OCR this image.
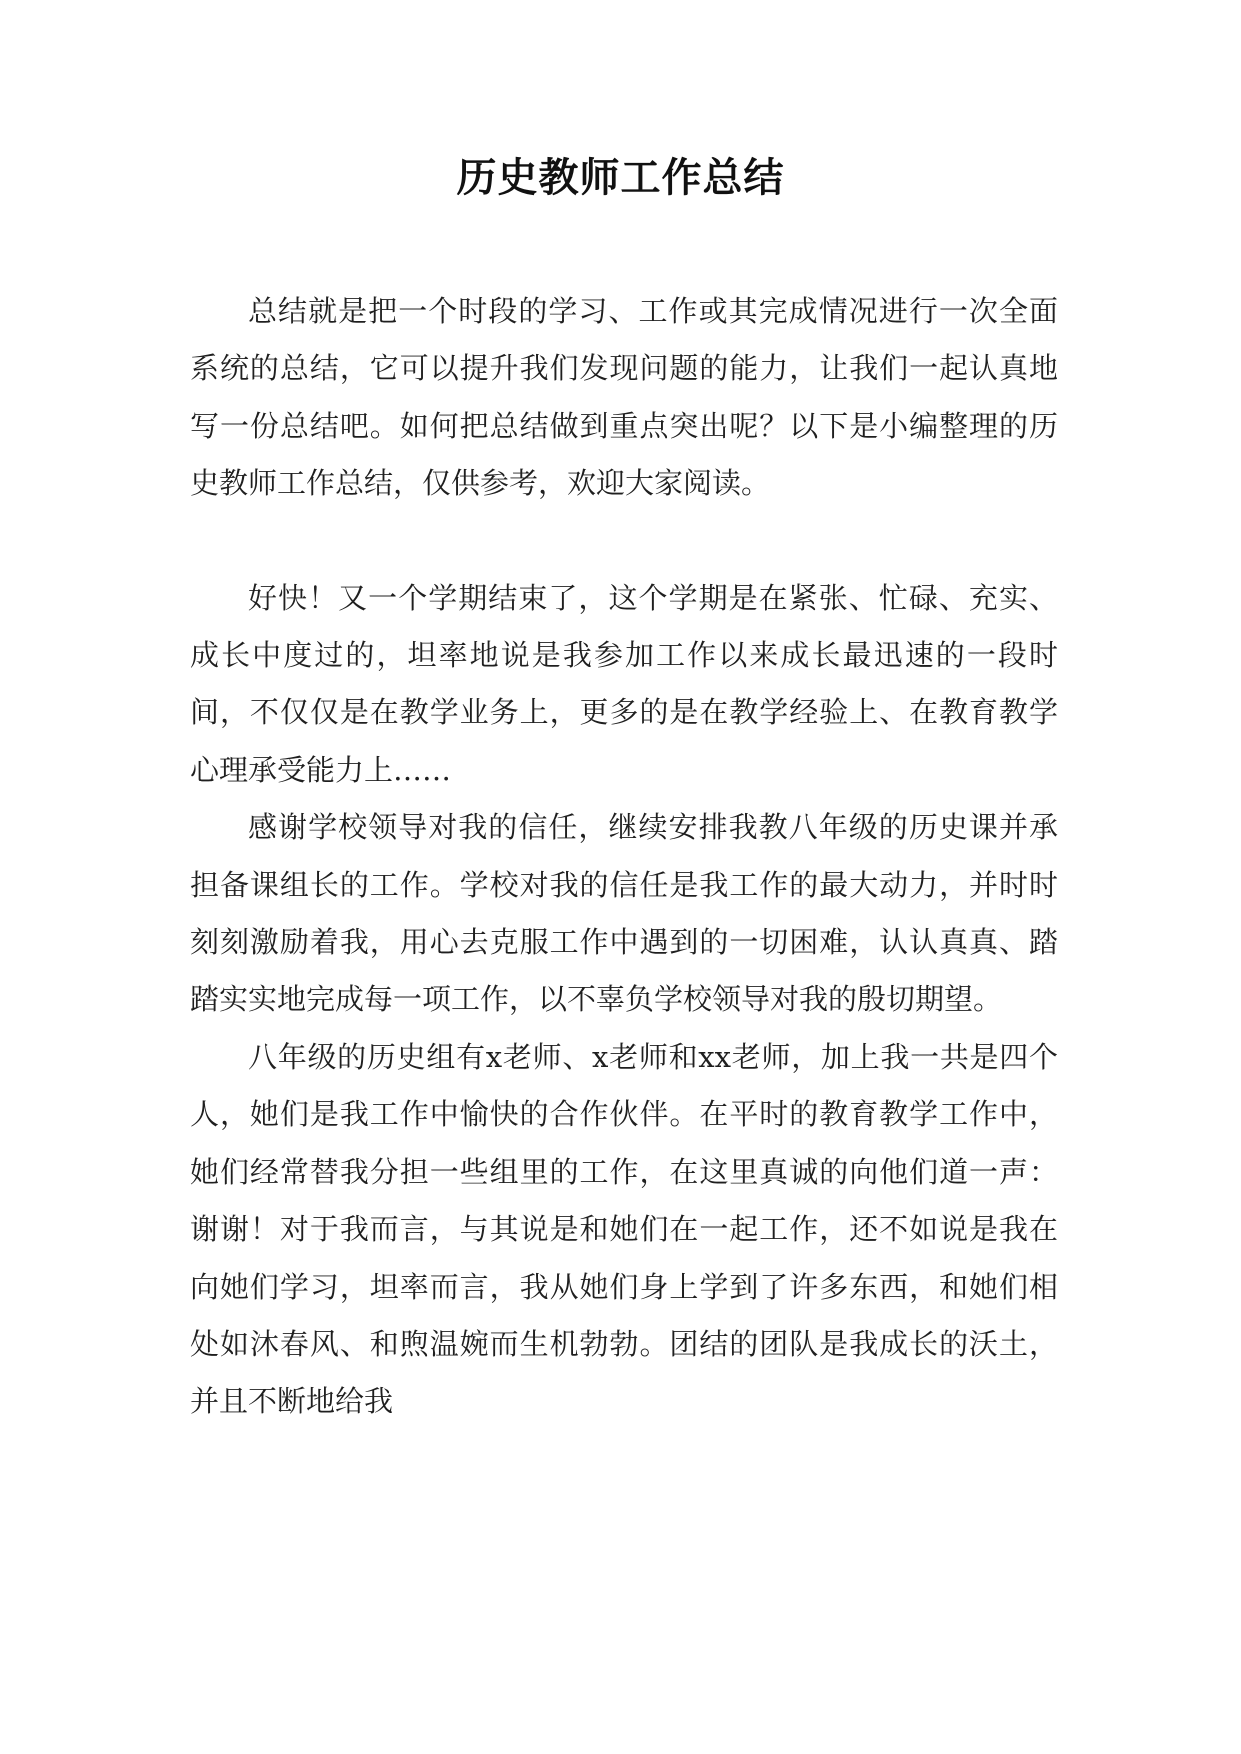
历史教师工作总结

总结就是把一个时段的学习、工作或其完成情况进行一次全面系统的总结，它可以提升我们发现问题的能力，让我们一起认真地写一份总结吧。如何把总结做到重点突出呢？以下是小编整理的历史教师工作总结，仅供参考，欢迎大家阅读。

好快！又一个学期结束了，这个学期是在紧张、忙碌、充实、成长中度过的，坦率地说是我参加工作以来成长最迅速的一段时间，不仅仅是在教学业务上，更多的是在教学经验上、在教育教学心理承受能力上……

感谢学校领导对我的信任，继续安排我教八年级的历史课并承担备课组长的工作。学校对我的信任是我工作的最大动力，并时时刻刻激励着我，用心去克服工作中遇到的一切困难，认认真真、踏踏实实地完成每一项工作，以不辜负学校领导对我的殷切期望。

八年级的历史组有x老师、x老师和xx老师，加上我一共是四个人，她们是我工作中愉快的合作伙伴。在平时的教育教学工作中，她们经常替我分担一些组里的工作，在这里真诚的向他们道一声：谢谢！对于我而言，与其说是和她们在一起工作，还不如说是我在向她们学习，坦率而言，我从她们身上学到了许多东西，和她们相处如沐春风、和煦温婉而生机勃勃。团结的团队是我成长的沃土，并且不断地给我
